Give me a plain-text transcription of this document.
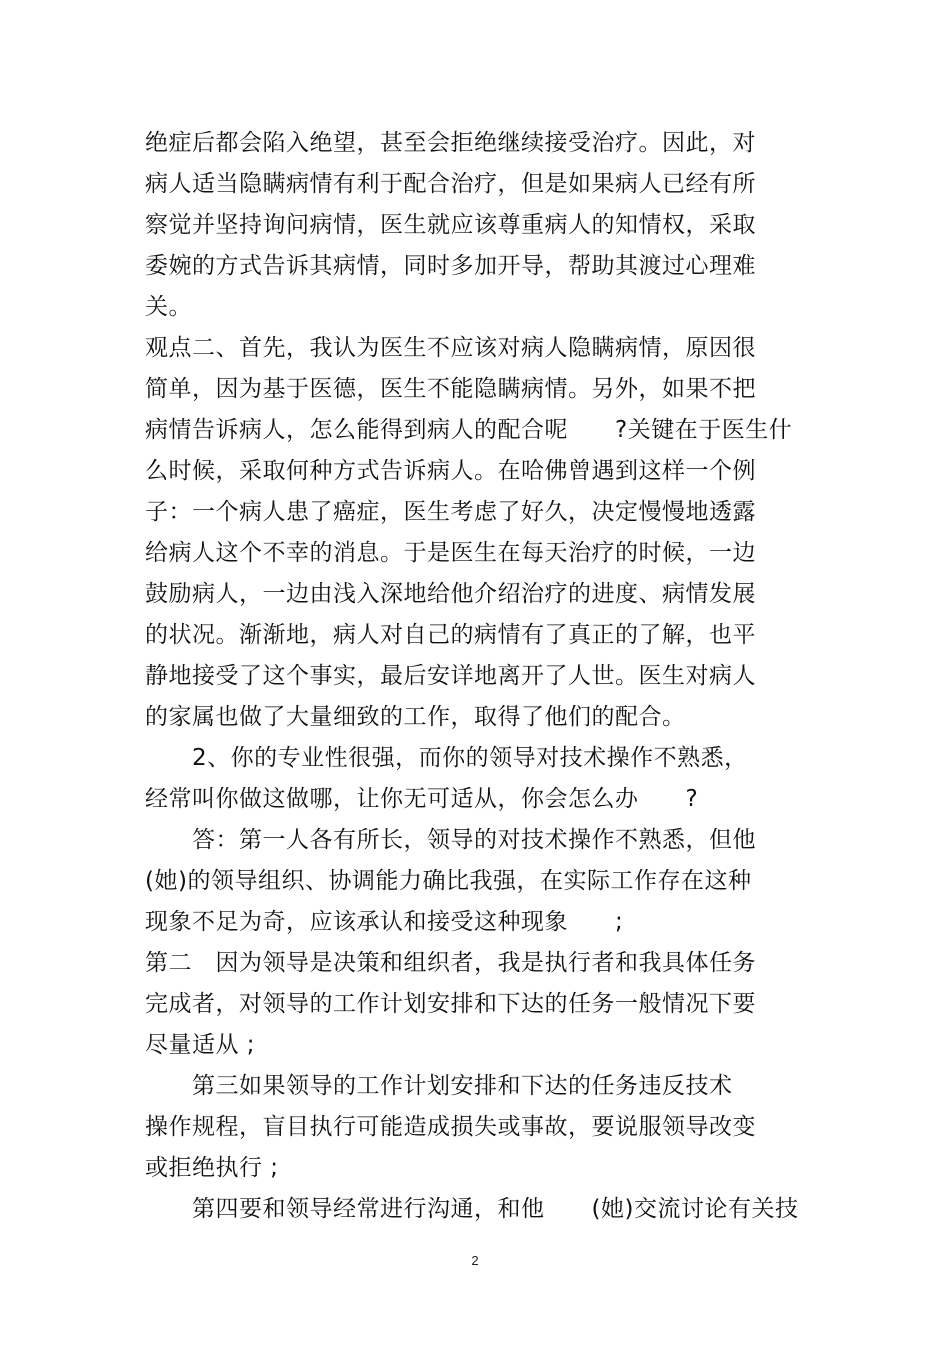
绝症后都会陷入绝望，甚至会拒绝继续接受治疗。因此，对
病人适当隐瞒病情有利于配合治疗，但是如果病人已经有所
察觉并坚持询问病情，医生就应该尊重病人的知情权，采取
委婉的方式告诉其病情，同时多加开导，帮助其渡过心理难
关。
观点二、首先，我认为医生不应该对病人隐瞒病情，原因很
简单，因为基于医德，医生不能隐瞒病情。另外，如果不把
病情告诉病人，怎么能得到病人的配合呢　　?关键在于医生什
么时候，采取何种方式告诉病人。在哈佛曾遇到这样一个例
子：一个病人患了癌症，医生考虑了好久，决定慢慢地透露
给病人这个不幸的消息。于是医生在每天治疗的时候，一边
鼓励病人，一边由浅入深地给他介绍治疗的进度、病情发展
的状况。渐渐地，病人对自己的病情有了真正的了解，也平
静地接受了这个事实，最后安详地离开了人世。医生对病人
的家属也做了大量细致的工作，取得了他们的配合。
2、你的专业性很强，而你的领导对技术操作不熟悉，
经常叫你做这做哪，让你无可适从，你会怎么办　　?
答：第一人各有所长，领导的对技术操作不熟悉，但他
(她)的领导组织、协调能力确比我强，在实际工作存在这种
现象不足为奇，应该承认和接受这种现象　　;
第二　因为领导是决策和组织者，我是执行者和我具体任务
完成者，对领导的工作计划安排和下达的任务一般情况下要
尽量适从 ;
第三如果领导的工作计划安排和下达的任务违反技术
操作规程，盲目执行可能造成损失或事故，要说服领导改变
或拒绝执行 ;
第四要和领导经常进行沟通，和他　　(她)交流讨论有关技
2
